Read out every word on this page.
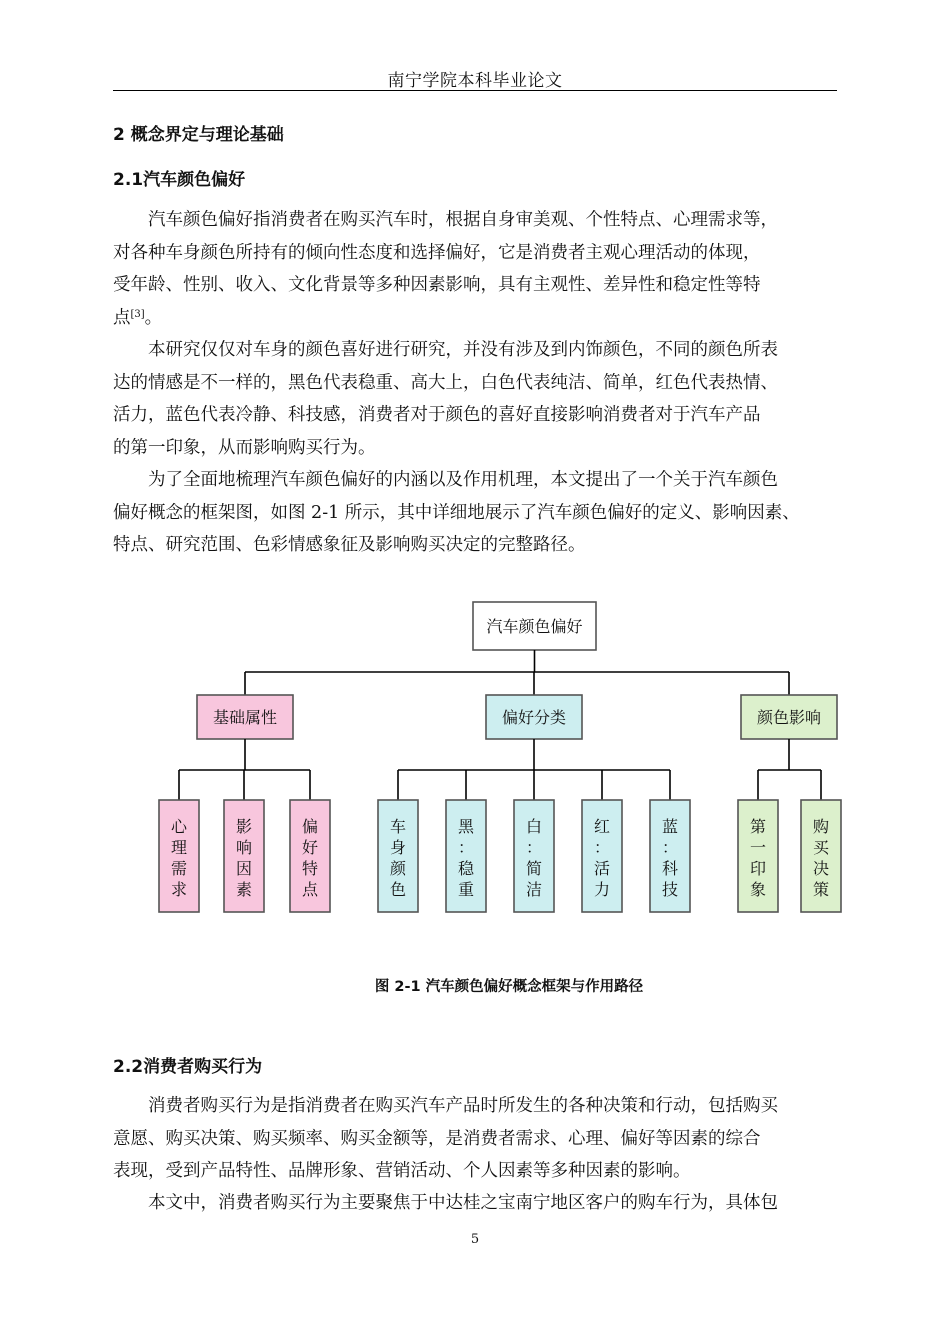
南宁学院本科毕业论文
2 概念界定与理论基础
2.1汽车颜色偏好

汽车颜色偏好指消费者在购买汽车时，根据自身审美观、个性特点、心理需求等，
对各种车身颜色所持有的倾向性态度和选择偏好，它是消费者主观心理活动的体现，
受年龄、性别、收入、文化背景等多种因素影响，具有主观性、差异性和稳定性等特
点[3]。

本研究仅仅对车身的颜色喜好进行研究，并没有涉及到内饰颜色，不同的颜色所表
达的情感是不一样的，黑色代表稳重、高大上，白色代表纯洁、简单，红色代表热情、
活力，蓝色代表冷静、科技感，消费者对于颜色的喜好直接影响消费者对于汽车产品
的第一印象，从而影响购买行为。

为了全面地梳理汽车颜色偏好的内涵以及作用机理，本文提出了一个关于汽车颜色
偏好概念的框架图，如图 2-1 所示，其中详细地展示了汽车颜色偏好的定义、影响因素、
特点、研究范围、色彩情感象征及影响购买决定的完整路径。

汽车颜色偏好
基础属性
心
理
需
求
影
响
因
素
偏
好
特
点
偏好分类
车
身
颜
色
黑
：
稳
重
白
：
简
洁
红
：
活
力
蓝
：
科
技
颜色影响
第
一
印
象
购
买
决
策
图 2-1 汽车颜色偏好概念框架与作用路径
2.2消费者购买行为

消费者购买行为是指消费者在购买汽车产品时所发生的各种决策和行动，包括购买
意愿、购买决策、购买频率、购买金额等，是消费者需求、心理、偏好等因素的综合
表现，受到产品特性、品牌形象、营销活动、个人因素等多种因素的影响。

本文中，消费者购买行为主要聚焦于中达桂之宝南宁地区客户的购车行为，具体包

5
